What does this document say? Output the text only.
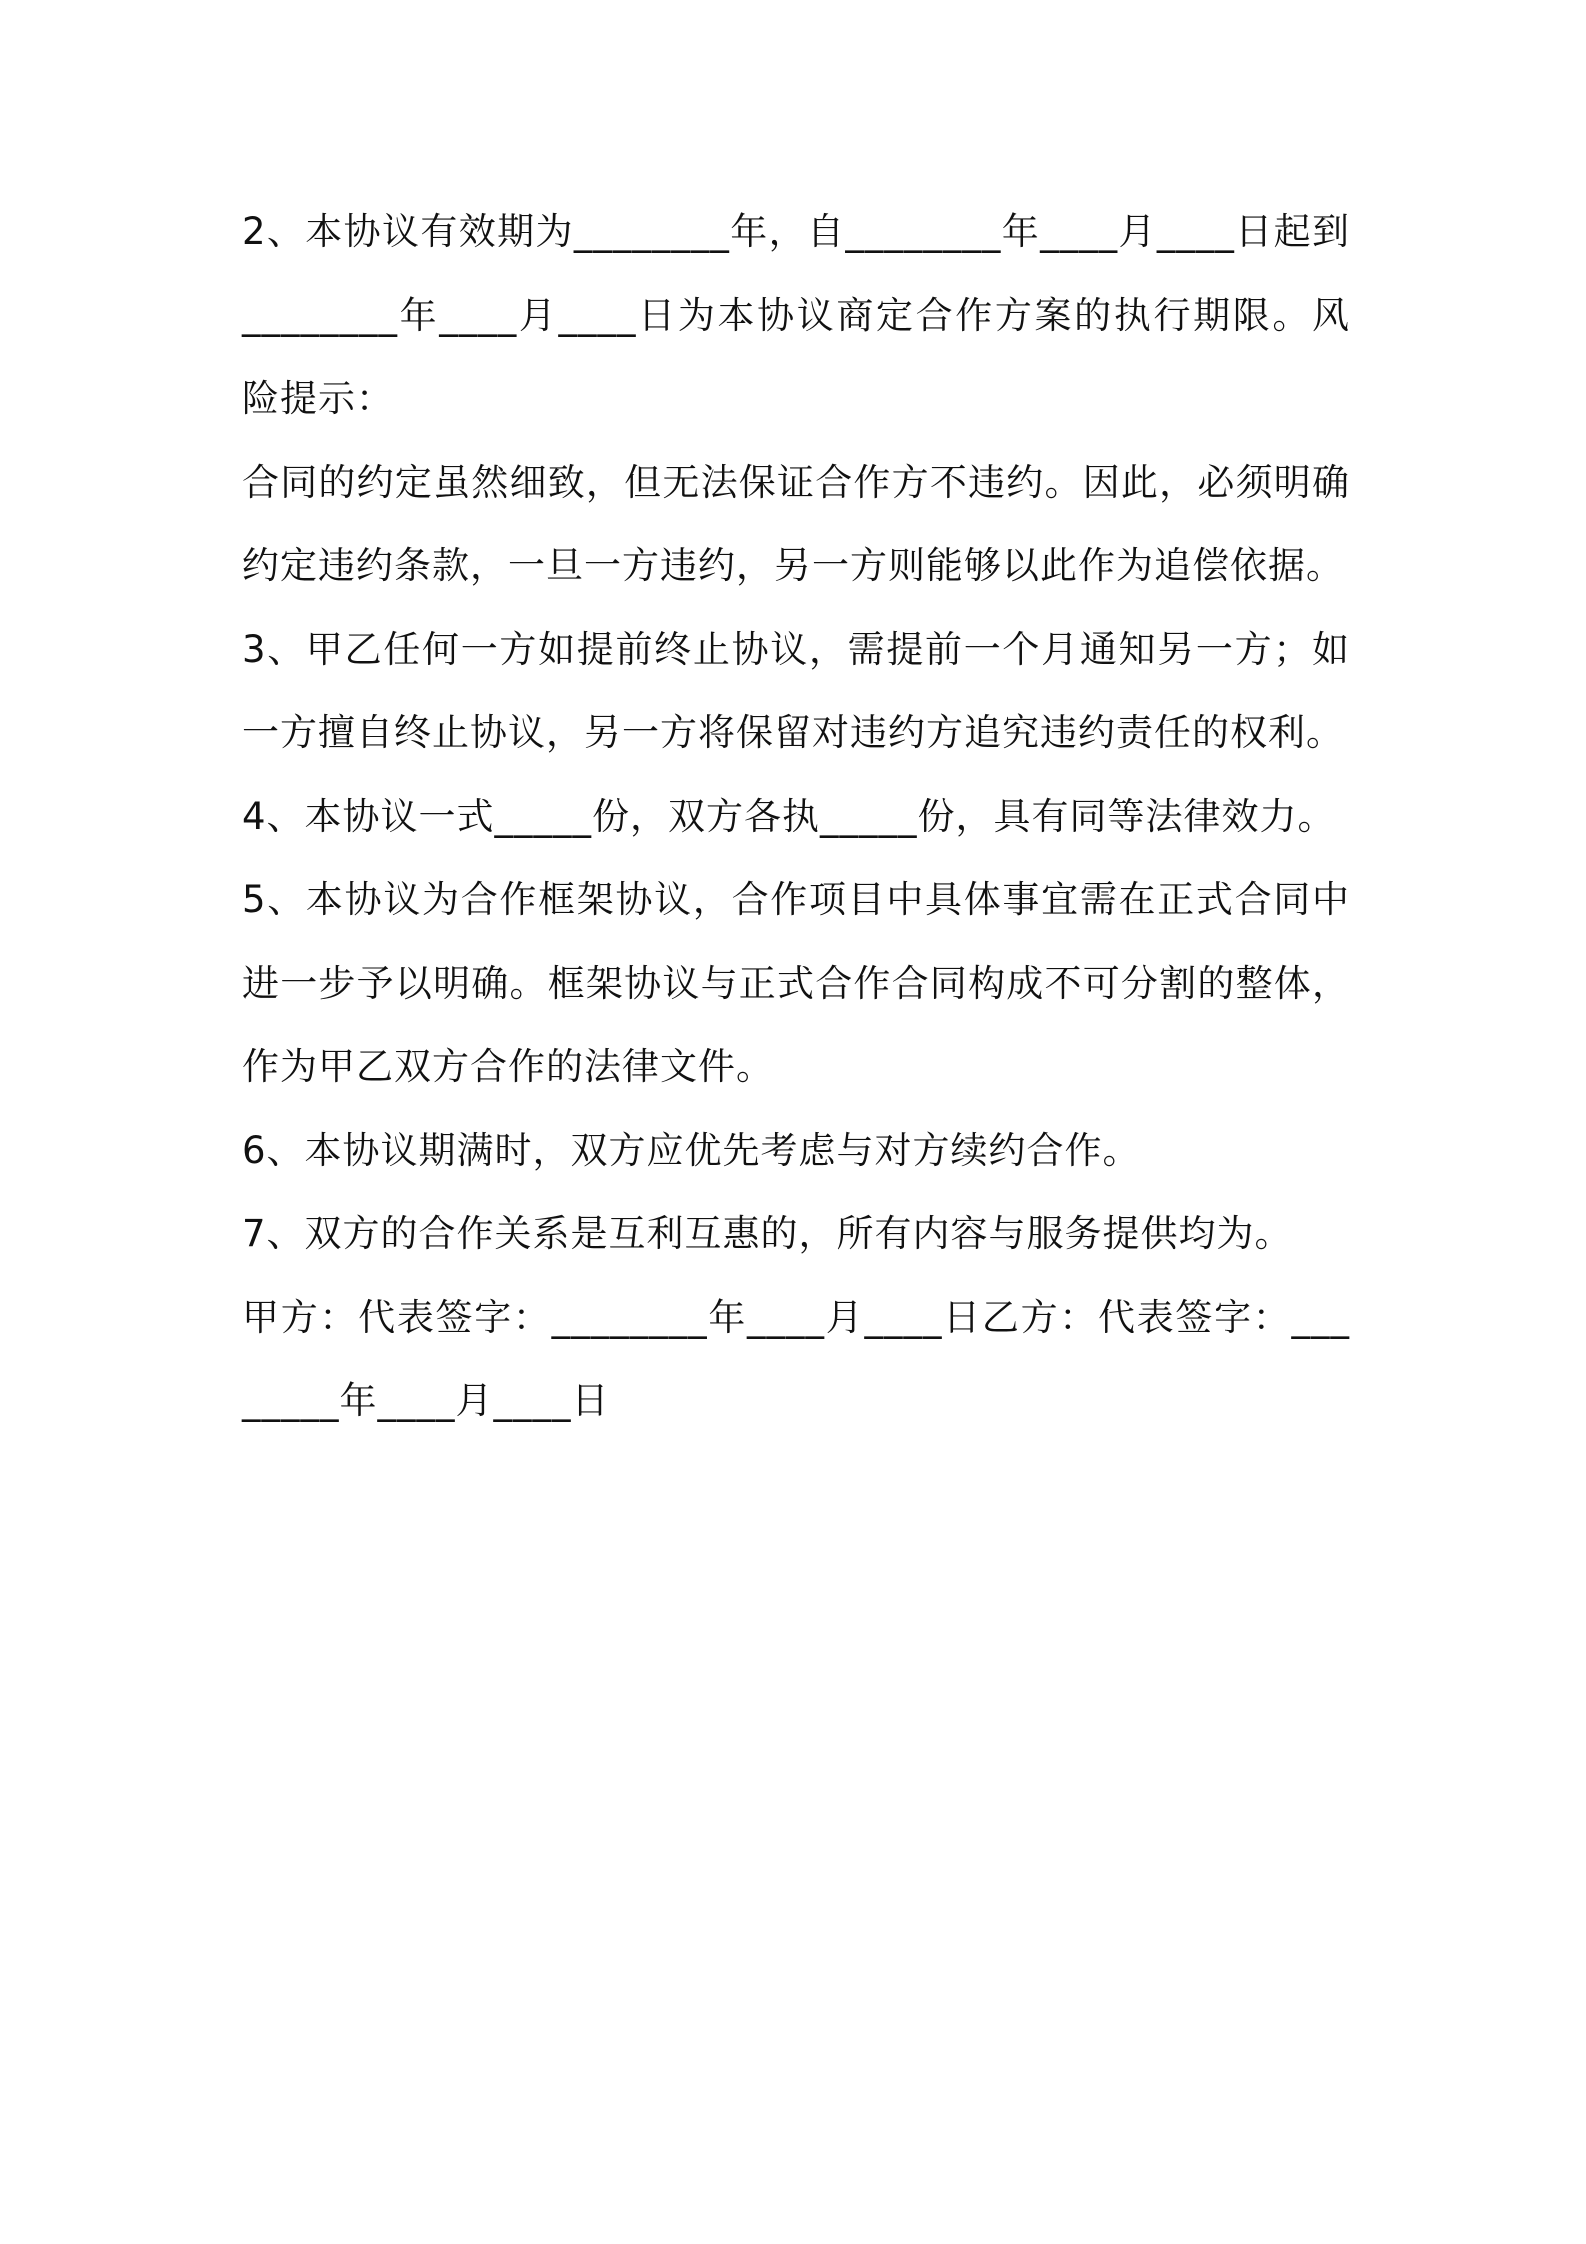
2、本协议有效期为________年，自________年____月____日起到________年____月____日为本协议商定合作方案的执行期限。风险提示：

合同的约定虽然细致，但无法保证合作方不违约。因此，必须明确约定违约条款，一旦一方违约，另一方则能够以此作为追偿依据。

3、甲乙任何一方如提前终止协议，需提前一个月通知另一方；如一方擅自终止协议，另一方将保留对违约方追究违约责任的权利。

4、本协议一式_____份，双方各执_____份，具有同等法律效力。

5、本协议为合作框架协议，合作项目中具体事宜需在正式合同中进一步予以明确。框架协议与正式合作合同构成不可分割的整体，作为甲乙双方合作的法律文件。

6、本协议期满时，双方应优先考虑与对方续约合作。

7、双方的合作关系是互利互惠的，所有内容与服务提供均为。

甲方：代表签字：________年____月____日乙方：代表签字：________年____月____日
